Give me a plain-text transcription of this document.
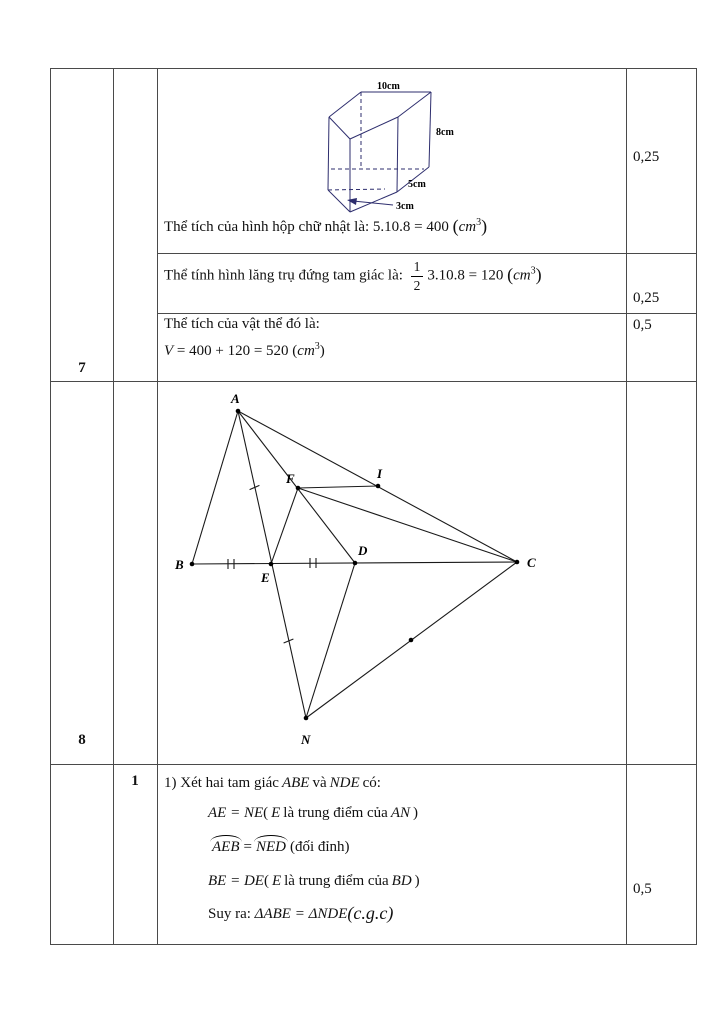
7
8
1
10cm
8cm
5cm
3cm
Thể tích của hình hộp chữ nhật là: 5.10.8 = 400 $(cm^3)$
Thể tính hình lăng trụ đứng tam giác là: $\frac{1}{2} 3.10.8 = 120$ $(cm^3)$
Thể tích của vật thể đó là:
V = 400 + 120 = 520 $(cm^3)$
A
B	C
D
E
F	I
N
1) Xét hai tam giác ABE và NDE có:
AE = NE( E là trung điểm của AN )
AEB = NED (đối đỉnh)
BE = DE( E là trung điểm của BD )
Suy ra: ΔABE = ΔNDE(c.g.c)
0,25
0,25
0,5
0,5
